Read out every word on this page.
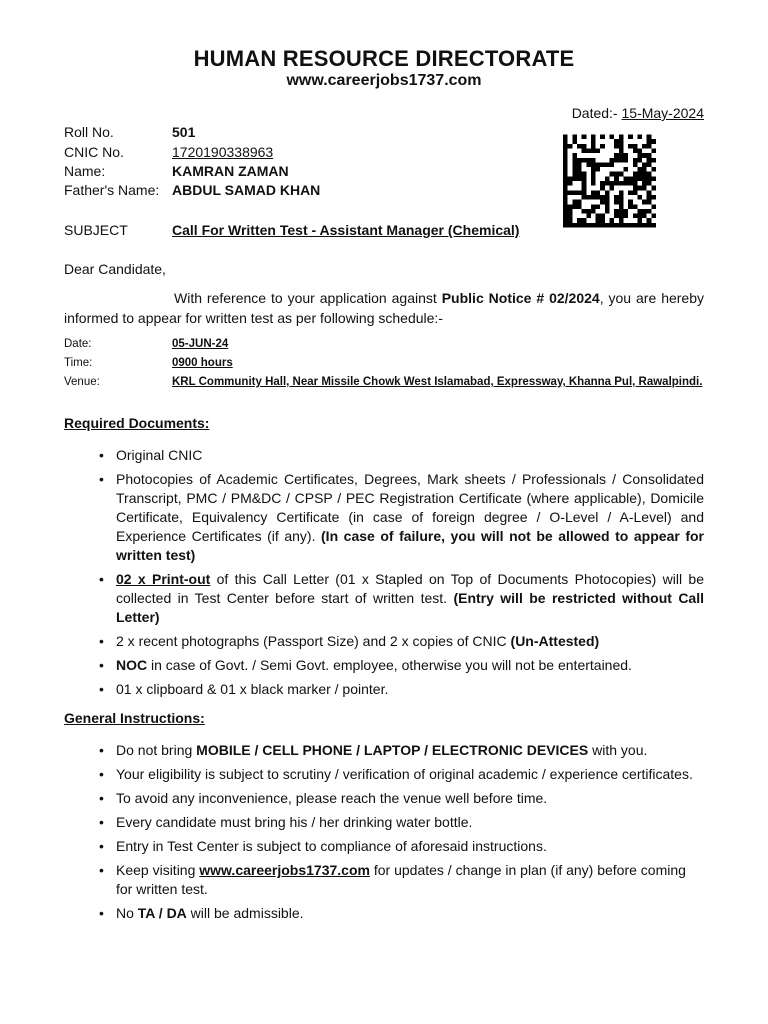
HUMAN RESOURCE DIRECTORATE
www.careerjobs1737.com
Dated:- 15-May-2024
Roll No.	501
CNIC No.	1720190338963
Name:	KAMRAN ZAMAN
Father's Name: ABDUL SAMAD KHAN
SUBJECT	Call For Written Test - Assistant Manager (Chemical)
Dear Candidate,
With reference to your application against Public Notice # 02/2024, you are hereby informed to appear for written test as per following schedule:-
Date:	05-JUN-24
Time:	0900 hours
Venue:	KRL Community Hall, Near Missile Chowk West Islamabad, Expressway, Khanna Pul, Rawalpindi.
Required Documents:
• Original CNIC
• Photocopies of Academic Certificates, Degrees, Mark sheets / Professionals / Consolidated Transcript, PMC / PM&DC / CPSP / PEC Registration Certificate (where applicable), Domicile Certificate, Equivalency Certificate (in case of foreign degree / O-Level / A-Level) and Experience Certificates (if any). (In case of failure, you will not be allowed to appear for written test)
• 02 x Print-out of this Call Letter (01 x Stapled on Top of Documents Photocopies) will be collected in Test Center before start of written test. (Entry will be restricted without Call Letter)
• 2 x recent photographs (Passport Size) and 2 x copies of CNIC (Un-Attested)
• NOC in case of Govt. / Semi Govt. employee, otherwise you will not be entertained.
• 01 x clipboard & 01 x black marker / pointer.
General Instructions:
• Do not bring MOBILE / CELL PHONE / LAPTOP / ELECTRONIC DEVICES with you.
• Your eligibility is subject to scrutiny / verification of original academic / experience certificates.
• To avoid any inconvenience, please reach the venue well before time.
• Every candidate must bring his / her drinking water bottle.
• Entry in Test Center is subject to compliance of aforesaid instructions.
• Keep visiting www.careerjobs1737.com for updates / change in plan (if any) before coming for written test.
• No TA / DA will be admissible.
